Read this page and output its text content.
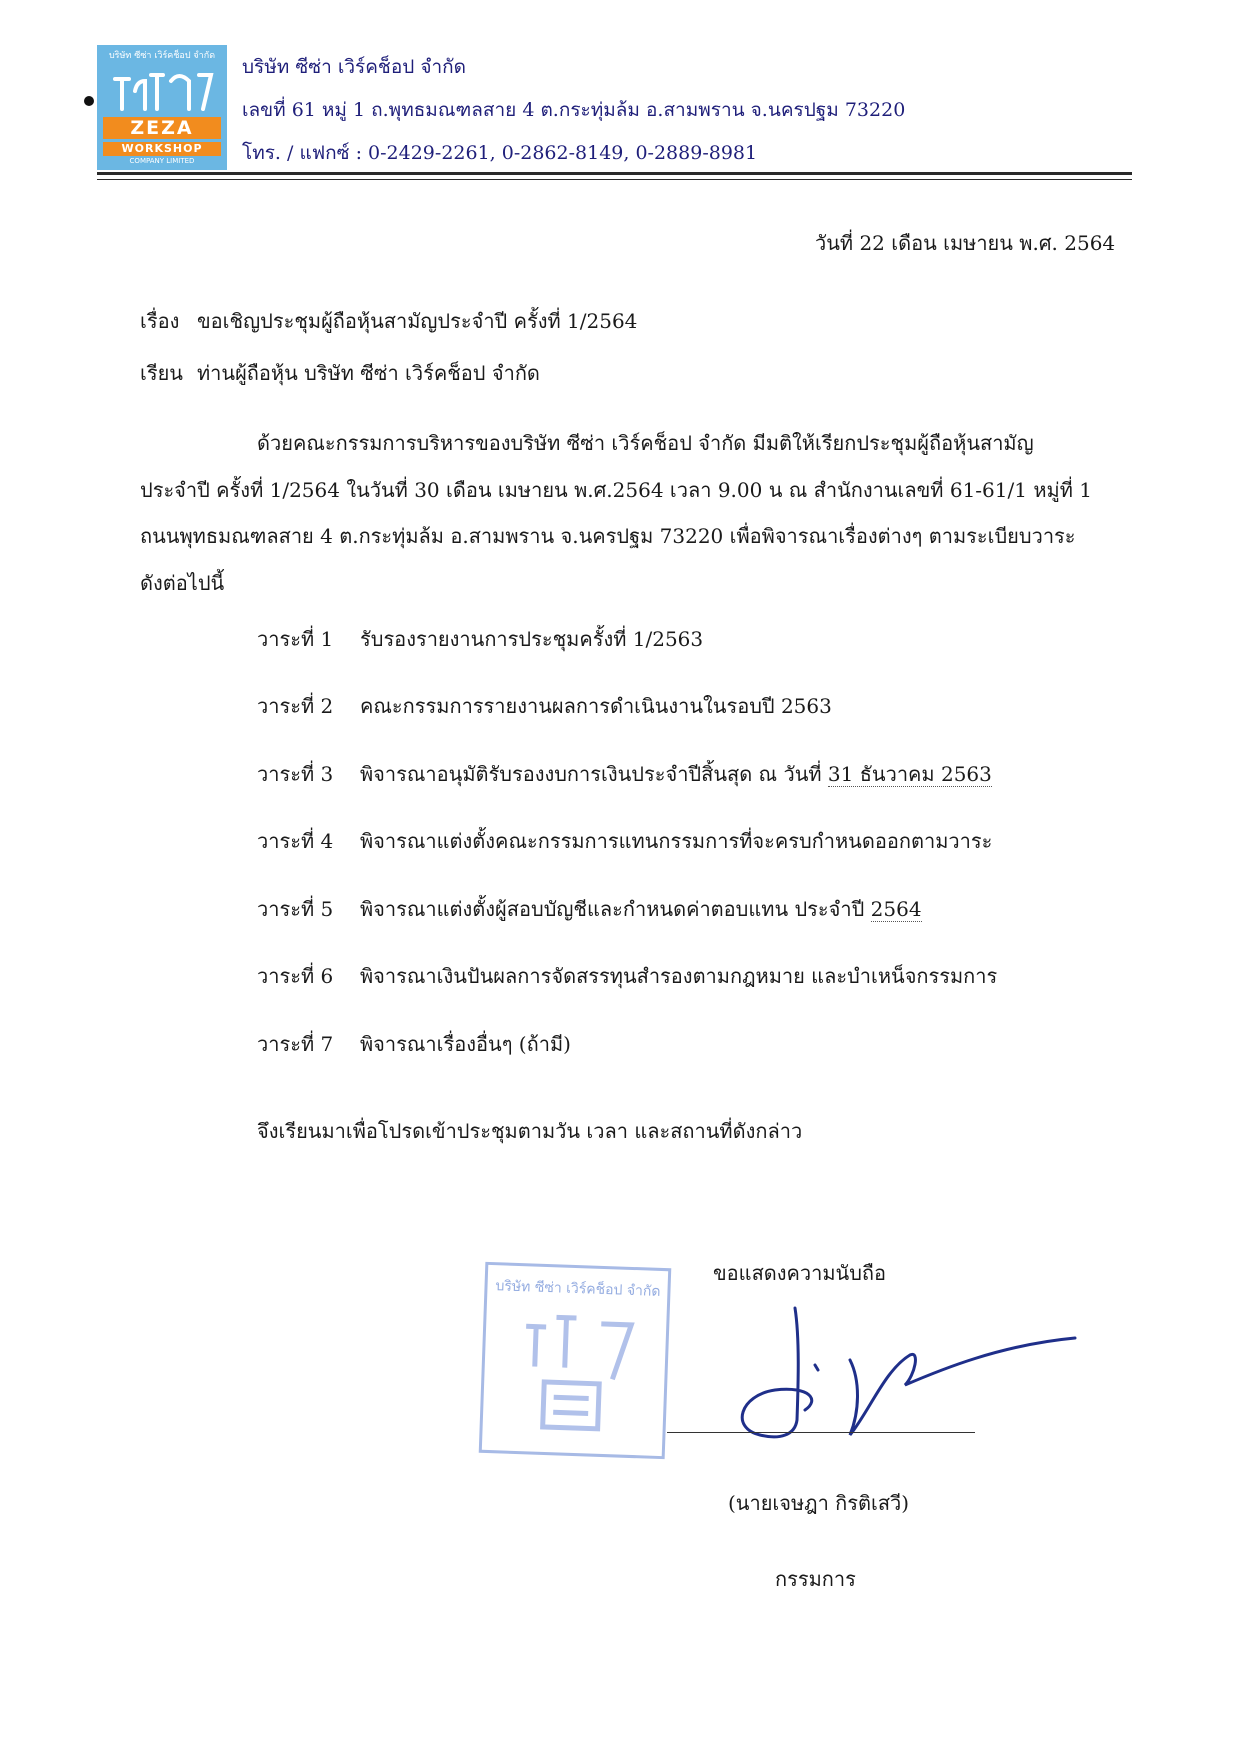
บริษัท ซีซ่า เวิร์คช็อป จำกัด
ZEZA
WORKSHOP
COMPANY LIMITED
บริษัท ซีซ่า เวิร์คช็อป จำกัด
เลขที่ 61 หมู่ 1 ถ.พุทธมณฑลสาย 4 ต.กระทุ่มล้ม อ.สามพราน จ.นครปฐม 73220
โทร. / แฟกซ์ : 0-2429-2261, 0-2862-8149, 0-2889-8981
วันที่ 22 เดือน เมษายน พ.ศ. 2564
เรื่อง ขอเชิญประชุมผู้ถือหุ้นสามัญประจำปี ครั้งที่ 1/2564
เรียน ท่านผู้ถือหุ้น บริษัท ซีซ่า เวิร์คช็อป จำกัด
ด้วยคณะกรรมการบริหารของบริษัท ซีซ่า เวิร์คช็อป จำกัด มีมติให้เรียกประชุมผู้ถือหุ้นสามัญ
ประจำปี ครั้งที่ 1/2564 ในวันที่ 30 เดือน เมษายน พ.ศ.2564 เวลา 9.00 น ณ สำนักงานเลขที่ 61-61/1 หมู่ที่ 1
ถนนพุทธมณฑลสาย 4 ต.กระทุ่มล้ม อ.สามพราน จ.นครปฐม 73220 เพื่อพิจารณาเรื่องต่างๆ ตามระเบียบวาระ
ดังต่อไปนี้
วาระที่ 1 รับรองรายงานการประชุมครั้งที่ 1/2563
วาระที่ 2 คณะกรรมการรายงานผลการดำเนินงานในรอบปี 2563
วาระที่ 3 พิจารณาอนุมัติรับรองงบการเงินประจำปีสิ้นสุด ณ วันที่ 31 ธันวาคม 2563
วาระที่ 4 พิจารณาแต่งตั้งคณะกรรมการแทนกรรมการที่จะครบกำหนดออกตามวาระ
วาระที่ 5 พิจารณาแต่งตั้งผู้สอบบัญชีและกำหนดค่าตอบแทน ประจำปี 2564
วาระที่ 6 พิจารณาเงินปันผลการจัดสรรทุนสำรองตามกฎหมาย และบำเหน็จกรรมการ
วาระที่ 7 พิจารณาเรื่องอื่นๆ (ถ้ามี)
จึงเรียนมาเพื่อโปรดเข้าประชุมตามวัน เวลา และสถานที่ดังกล่าว
ขอแสดงความนับถือ
บริษัท ซีซ่า เวิร์คช็อป จำกัด
(นายเจษฎา กิรติเสวี)
กรรมการ
